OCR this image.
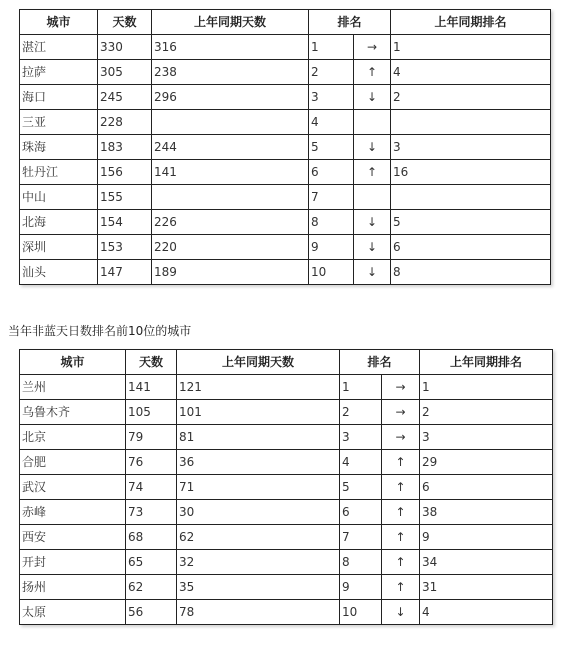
城市	天数	上年同期天数	排名		上年同期排名
湛江	330	316	1	→	1
拉萨	305	238	2	↑	4
海口	245	296	3	↓	2
三亚	228		4		
珠海	183	244	5	↓	3
牡丹江	156	141	6	↑	16
中山	155		7		
北海	154	226	8	↓	5
深圳	153	220	9	↓	6
汕头	147	189	10	↓	8
当年非蓝天日数排名前10位的城市
城市	天数	上年同期天数	排名		上年同期排名
兰州	141	121	1	→	1
乌鲁木齐	105	101	2	→	2
北京	79	81	3	→	3
合肥	76	36	4	↑	29
武汉	74	71	5	↑	6
赤峰	73	30	6	↑	38
西安	68	62	7	↑	9
开封	65	32	8	↑	34
扬州	62	35	9	↑	31
太原	56	78	10	↓	4
